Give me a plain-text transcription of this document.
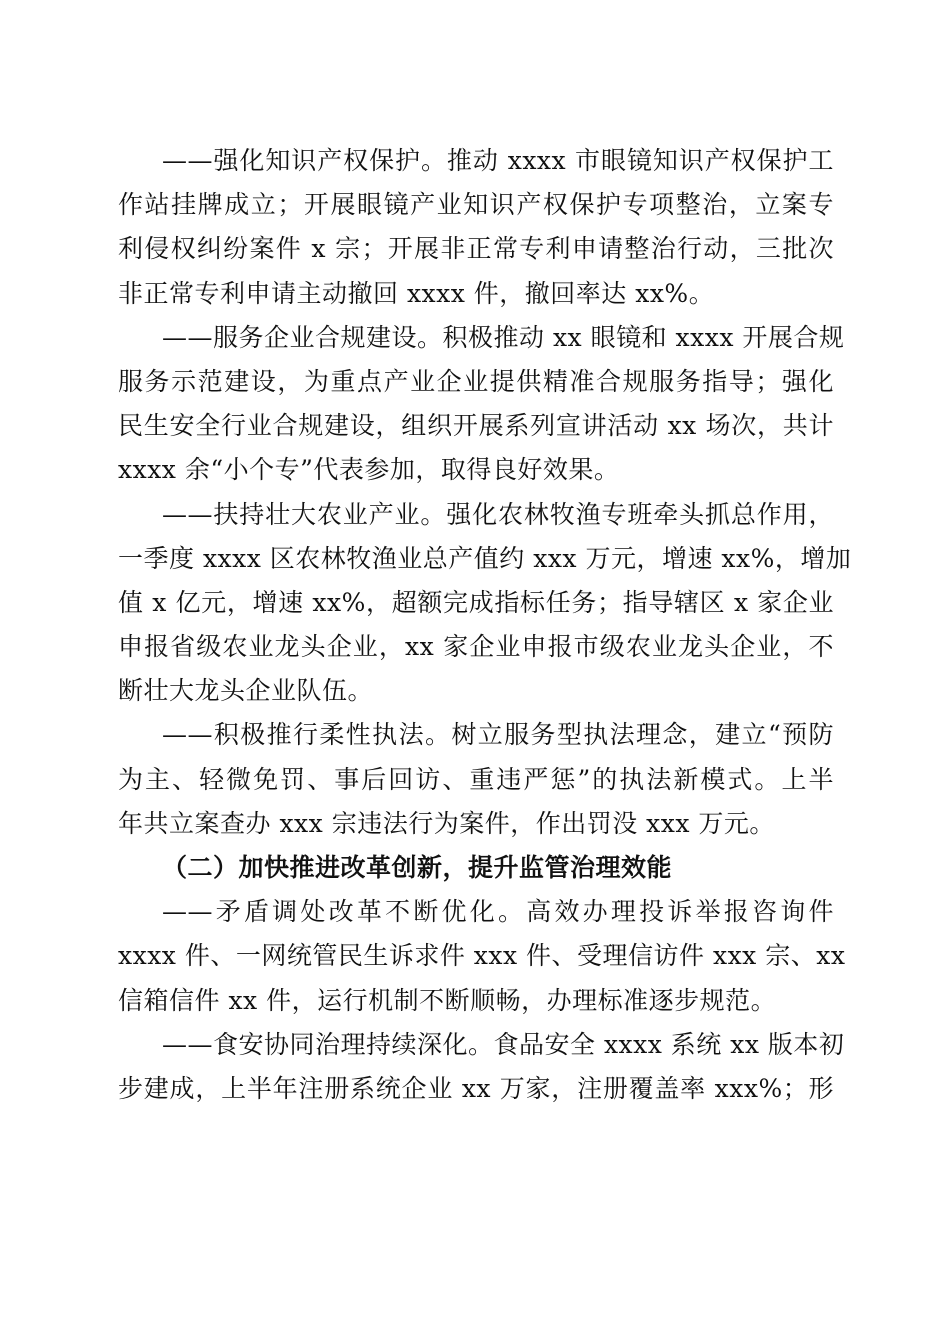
——强化知识产权保护。推动 xxxx 市眼镜知识产权保护工
作站挂牌成立；开展眼镜产业知识产权保护专项整治，立案专
利侵权纠纷案件 x 宗；开展非正常专利申请整治行动，三批次
非正常专利申请主动撤回 xxxx 件，撤回率达 xx%。
——服务企业合规建设。积极推动 xx 眼镜和 xxxx 开展合规
服务示范建设，为重点产业企业提供精准合规服务指导；强化
民生安全行业合规建设，组织开展系列宣讲活动 xx 场次，共计
xxxx 余“小个专”代表参加，取得良好效果。
——扶持壮大农业产业。强化农林牧渔专班牵头抓总作用，
一季度 xxxx 区农林牧渔业总产值约 xxx 万元，增速 xx%，增加
值 x 亿元，增速 xx%，超额完成指标任务；指导辖区 x 家企业
申报省级农业龙头企业，xx 家企业申报市级农业龙头企业，不
断壮大龙头企业队伍。
——积极推行柔性执法。树立服务型执法理念，建立“预防
为主、轻微免罚、事后回访、重违严惩”的执法新模式。上半
年共立案查办 xxx 宗违法行为案件，作出罚没 xxx 万元。
（二）加快推进改革创新，提升监管治理效能
——矛盾调处改革不断优化。高效办理投诉举报咨询件
xxxx 件、一网统管民生诉求件 xxx 件、受理信访件 xxx 宗、xx
信箱信件 xx 件，运行机制不断顺畅，办理标准逐步规范。
——食安协同治理持续深化。食品安全 xxxx 系统 xx 版本初
步建成，上半年注册系统企业 xx 万家，注册覆盖率 xxx%；形
